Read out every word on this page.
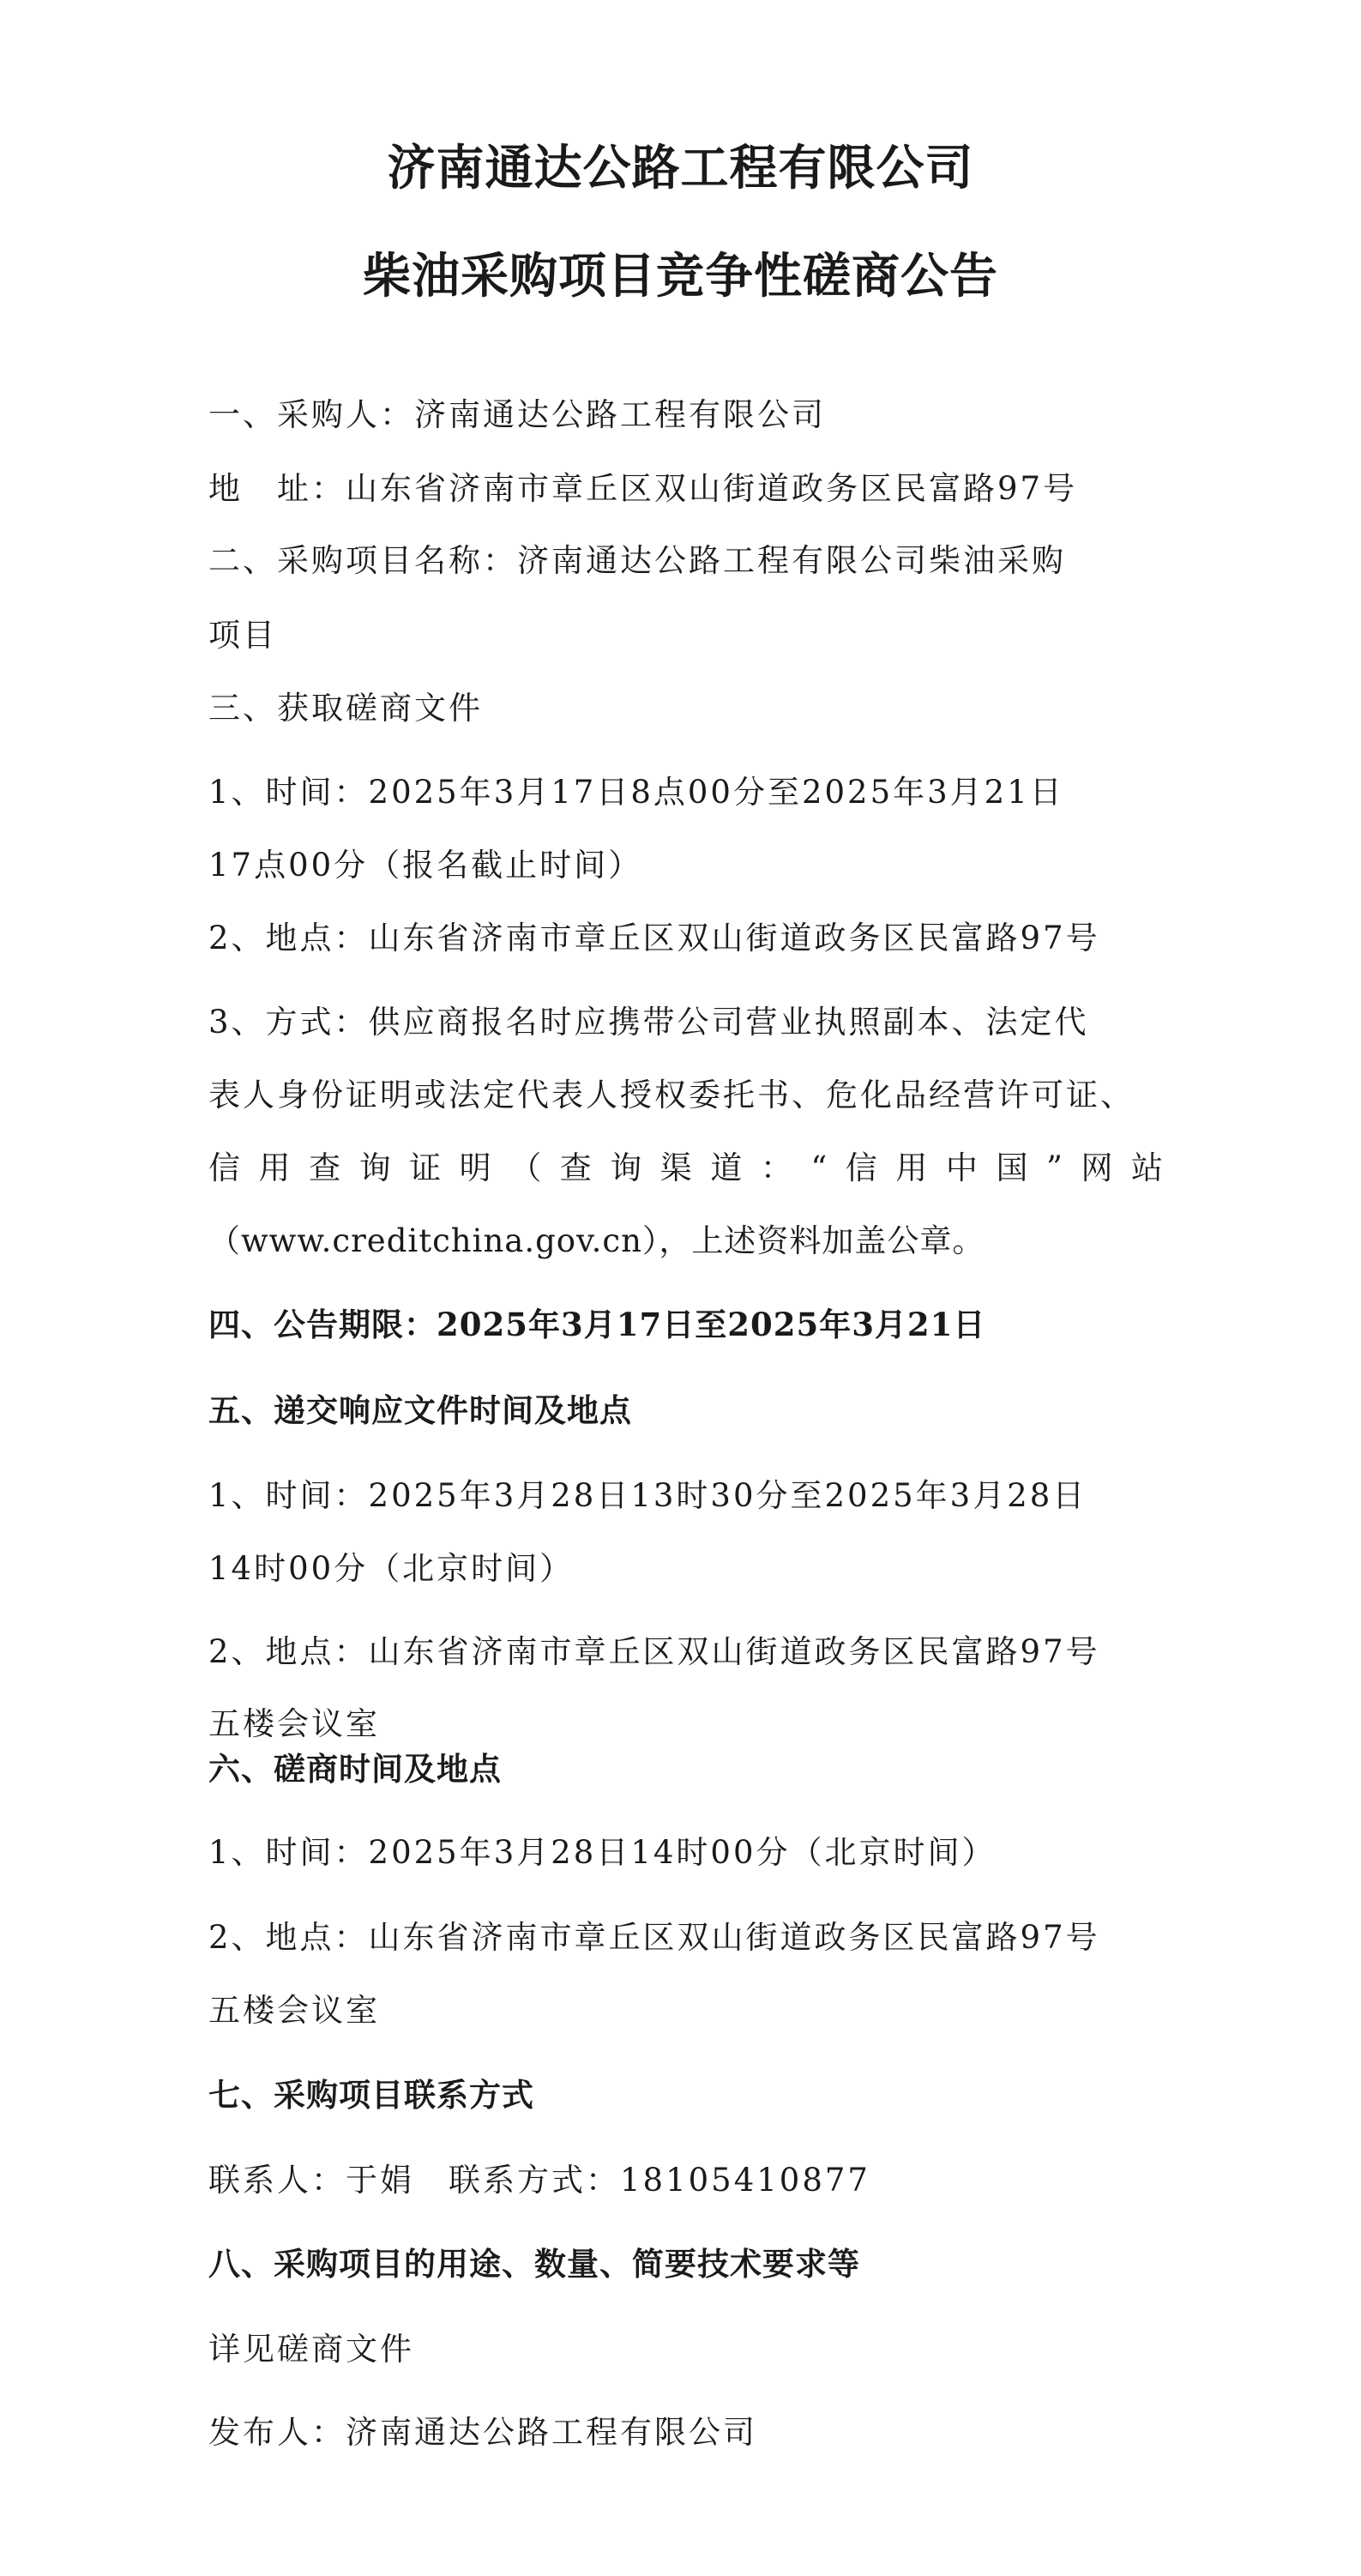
济南通达公路工程有限公司
柴油采购项目竞争性磋商公告
一、采购人：济南通达公路工程有限公司
地　址：山东省济南市章丘区双山街道政务区民富路97号
二、采购项目名称：济南通达公路工程有限公司柴油采购
项目
三、获取磋商文件
1、时间：2025年3月17日8点00分至2025年3月21日
17点00分（报名截止时间）
2、地点：山东省济南市章丘区双山街道政务区民富路97号
3、方式：供应商报名时应携带公司营业执照副本、法定代
表人身份证明或法定代表人授权委托书、危化品经营许可证、
信用查询证明（查询渠道：“信用中国”网站
（www.creditchina.gov.cn），上述资料加盖公章。
四、公告期限：2025年3月17日至2025年3月21日
五、递交响应文件时间及地点
1、时间：2025年3月28日13时30分至2025年3月28日
14时00分（北京时间）
2、地点：山东省济南市章丘区双山街道政务区民富路97号
五楼会议室
六、磋商时间及地点
1、时间：2025年3月28日14时00分（北京时间）
2、地点：山东省济南市章丘区双山街道政务区民富路97号
五楼会议室
七、采购项目联系方式
联系人：于娟　联系方式：18105410877
八、采购项目的用途、数量、简要技术要求等
详见磋商文件
发布人：济南通达公路工程有限公司
